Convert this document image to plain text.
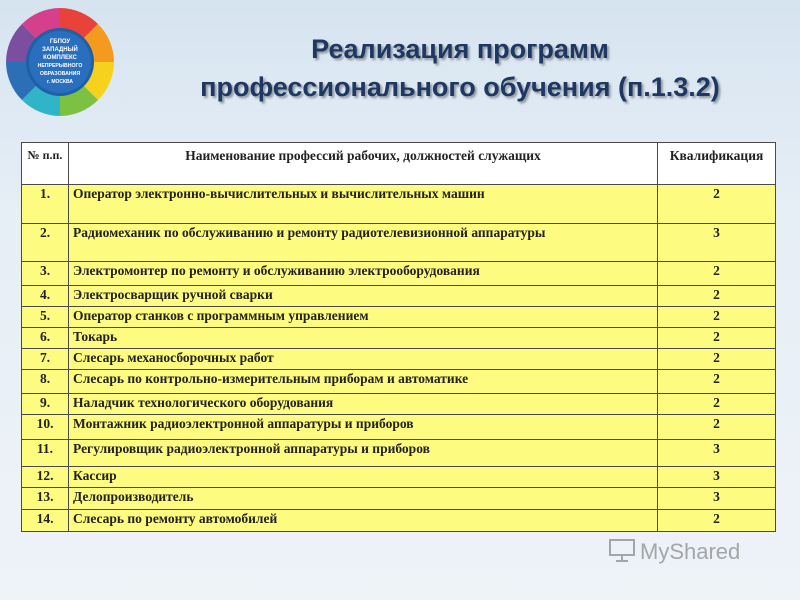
ГБПОУ
ЗАПАДНЫЙ
КОМПЛЕКС
НЕПРЕРЫВНОГО
ОБРАЗОВАНИЯ
г. МОСКВА
Реализация программ
профессионального обучения (п.1.3.2)
№ п.п.	Наименование профессий рабочих, должностей служащих	Квалификация
1.	Оператор электронно-вычислительных и вычислительных машин	2
2.	Радиомеханик по обслуживанию и ремонту радиотелевизионной аппаратуры	3
3.	Электромонтер по ремонту и обслуживанию электрооборудования	2
4.	Электросварщик ручной сварки	2
5.	Оператор станков с программным управлением	2
6.	Токарь	2
7.	Слесарь механосборочных работ	2
8.	Слесарь по контрольно-измерительным приборам и автоматике	2
9.	Наладчик технологического оборудования	2
10.	Монтажник радиоэлектронной аппаратуры и приборов	2
11.	Регулировщик радиоэлектронной аппаратуры и приборов	3
12.	Кассир	3
13.	Делопроизводитель	3
14.	Слесарь по ремонту автомобилей	2
MyShared
